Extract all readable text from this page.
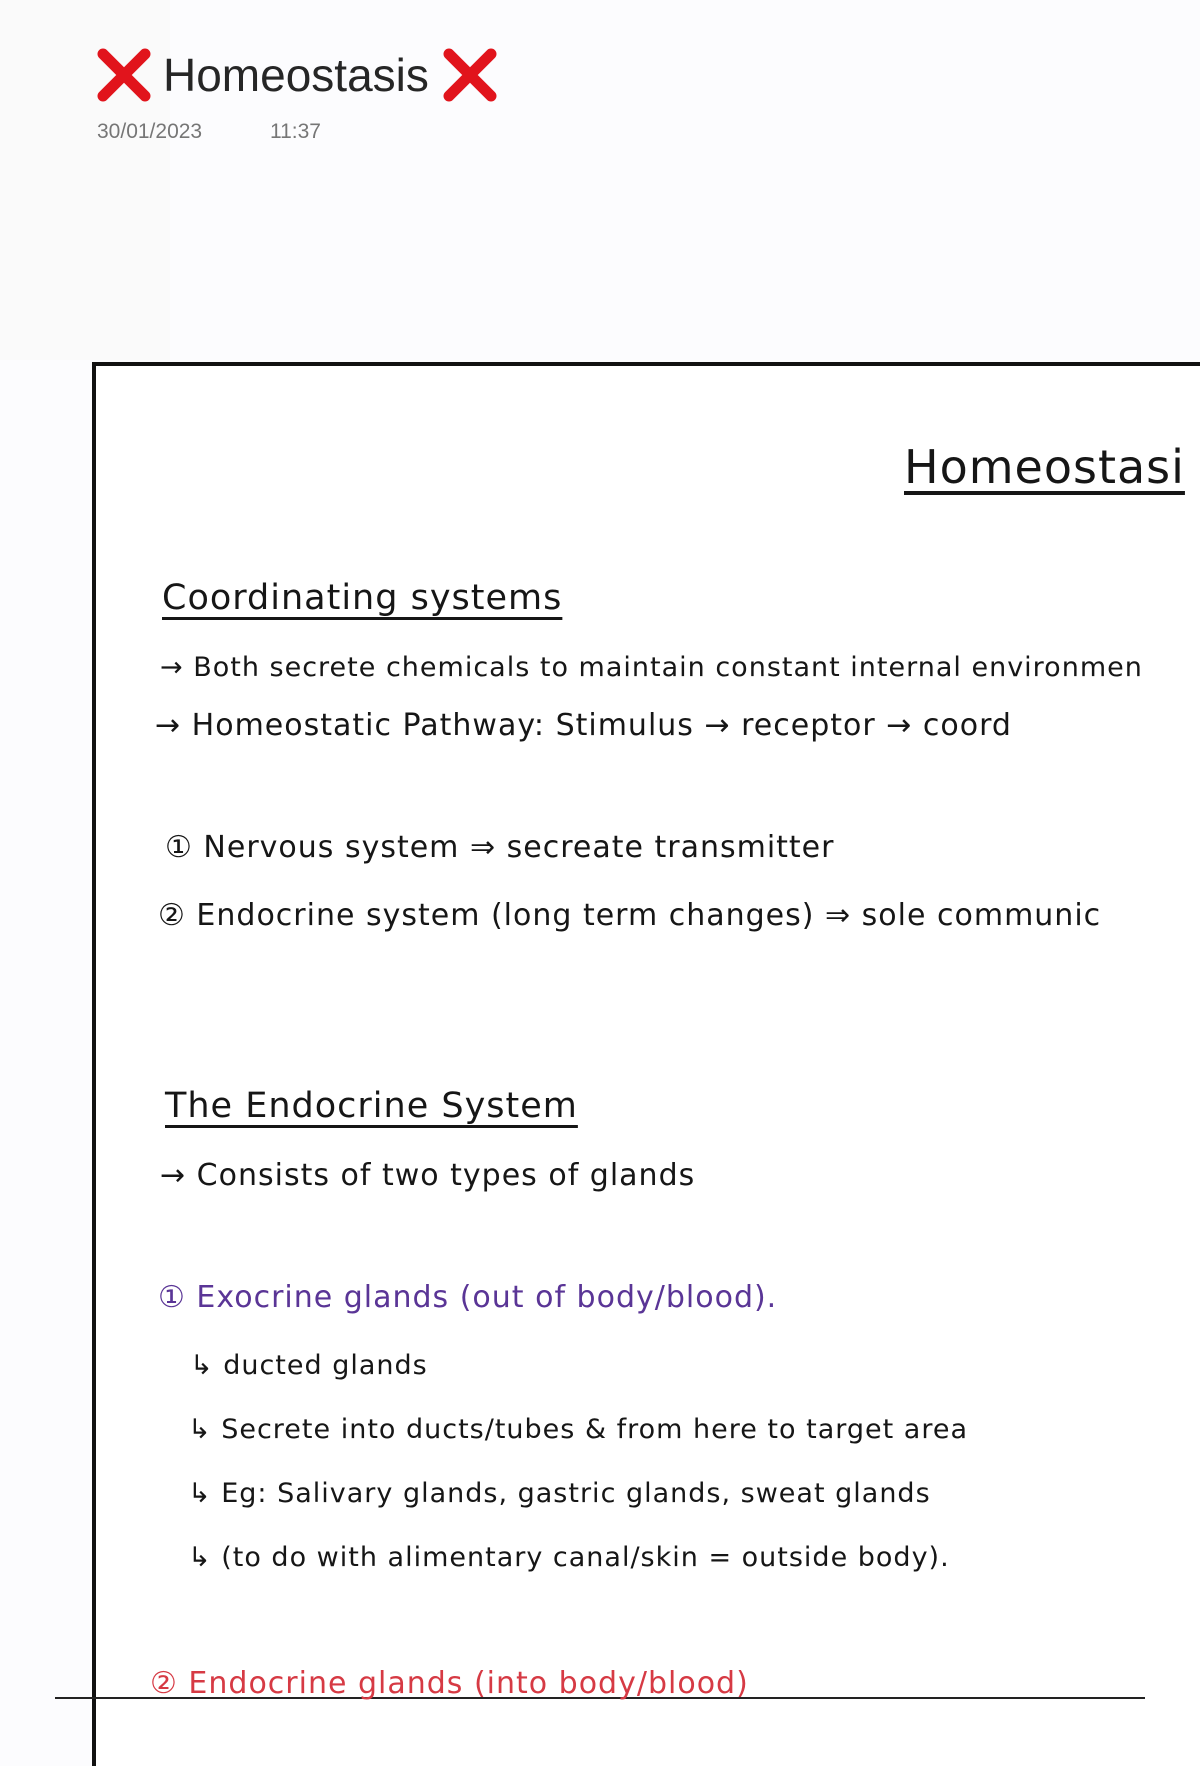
Homeostasis
30/01/2023	11:37
Homeostasi
Coordinating systems
→ Both secrete chemicals to maintain constant internal environmen
→ Homeostatic Pathway: Stimulus → receptor → coord
① Nervous system ⇒ secreate transmitter
② Endocrine system (long term changes) ⇒ sole communic
The Endocrine System
→ Consists of two types of glands
① Exocrine glands (out of body/blood).
↳ ducted glands
↳ Secrete into ducts/tubes & from here to target area
↳ Eg: Salivary glands, gastric glands, sweat glands
↳ (to do with alimentary canal/skin = outside body).
② Endocrine glands (into body/blood)
